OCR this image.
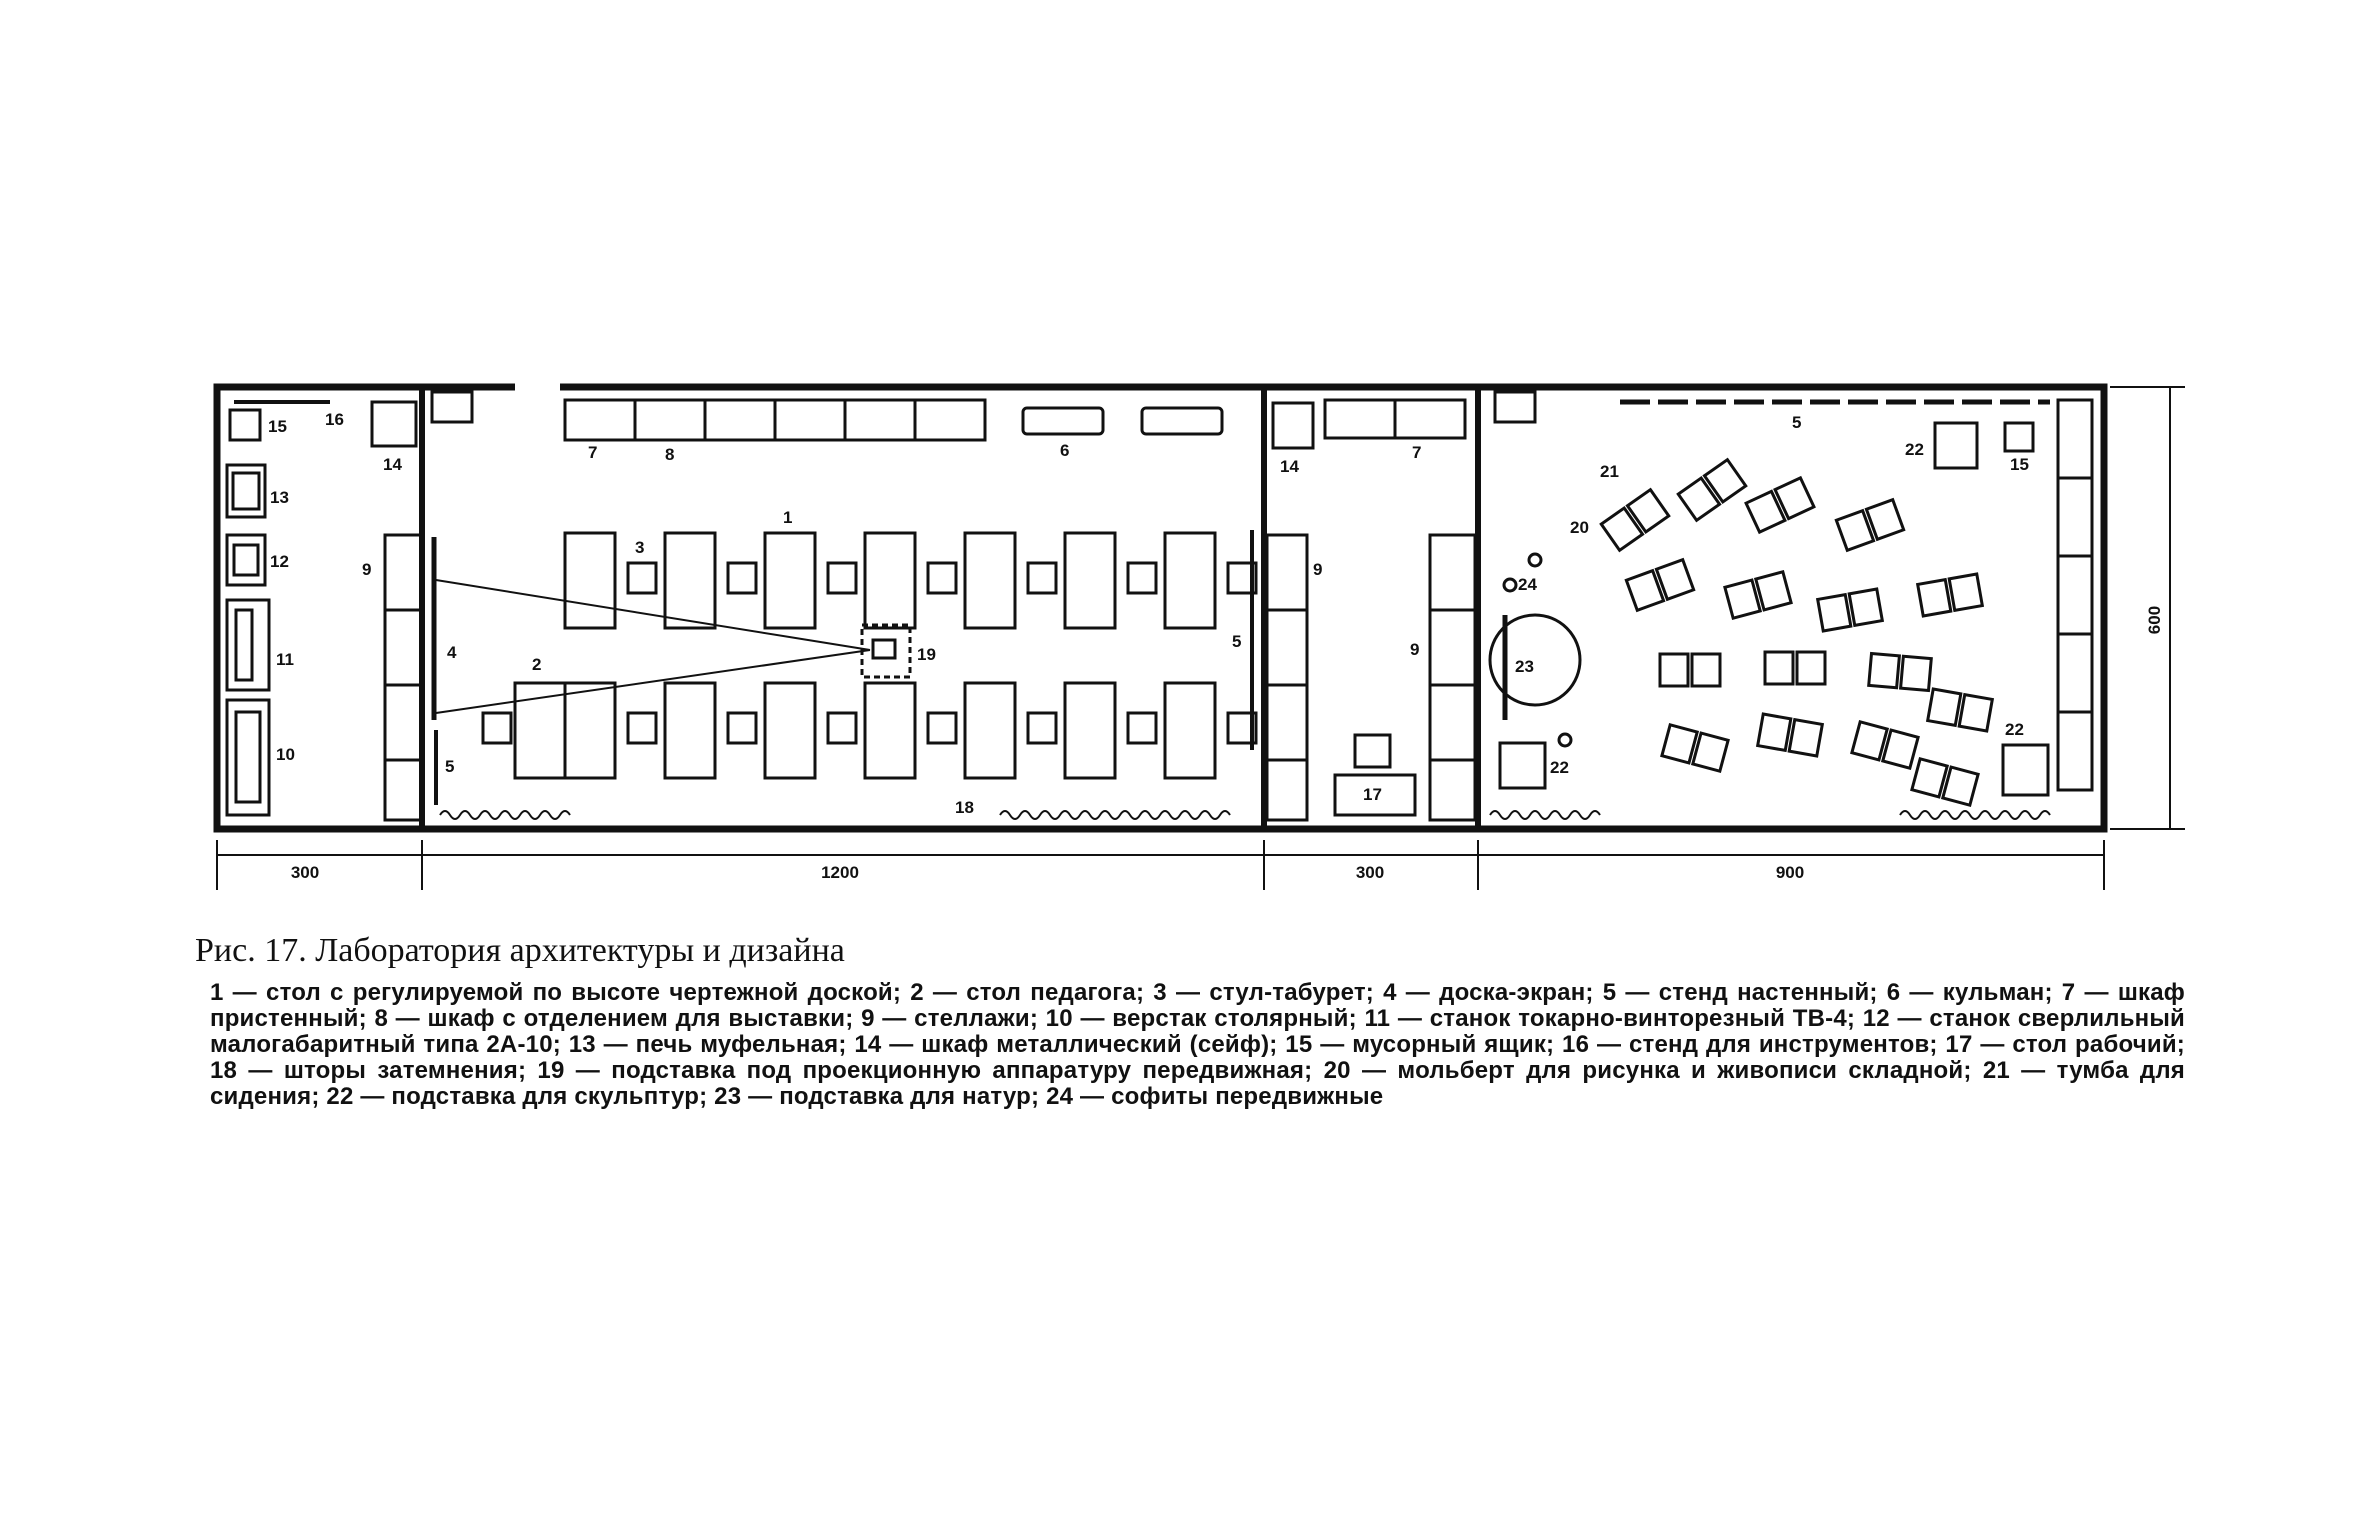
300	1200	300	900
600
15 16
14
13
12
11
10
9
4
5
7	8	6
1
3
2
19
5
18
14
7
9
9
17
5
21
20
24
23
22
22
15
22
Рис. 17. Лаборатория архитектуры и дизайна
1 — стол с регулируемой по высоте чертежной доской; 2 — стол педагога; 3 — стул-табурет; 4 — доска-экран; 5 — стенд настенный; 6 — кульман; 7 — шкаф пристенный; 8 — шкаф с отделением для выставки; 9 — стеллажи; 10 — верстак столярный; 11 — станок токарно-винторезный ТВ-4; 12 — станок сверлильный малогабаритный типа 2А-10; 13 — печь муфельная; 14 — шкаф металлический (сейф); 15 — мусорный ящик; 16 — стенд для инструментов; 17 — стол рабочий; 18 — шторы затемнения; 19 — подставка под проекционную аппаратуру передвижная; 20 — мольберт для рисунка и живописи складной; 21 — тумба для сидения; 22 — подставка для скульптур; 23 — подставка для натур; 24 — софиты передвижные
